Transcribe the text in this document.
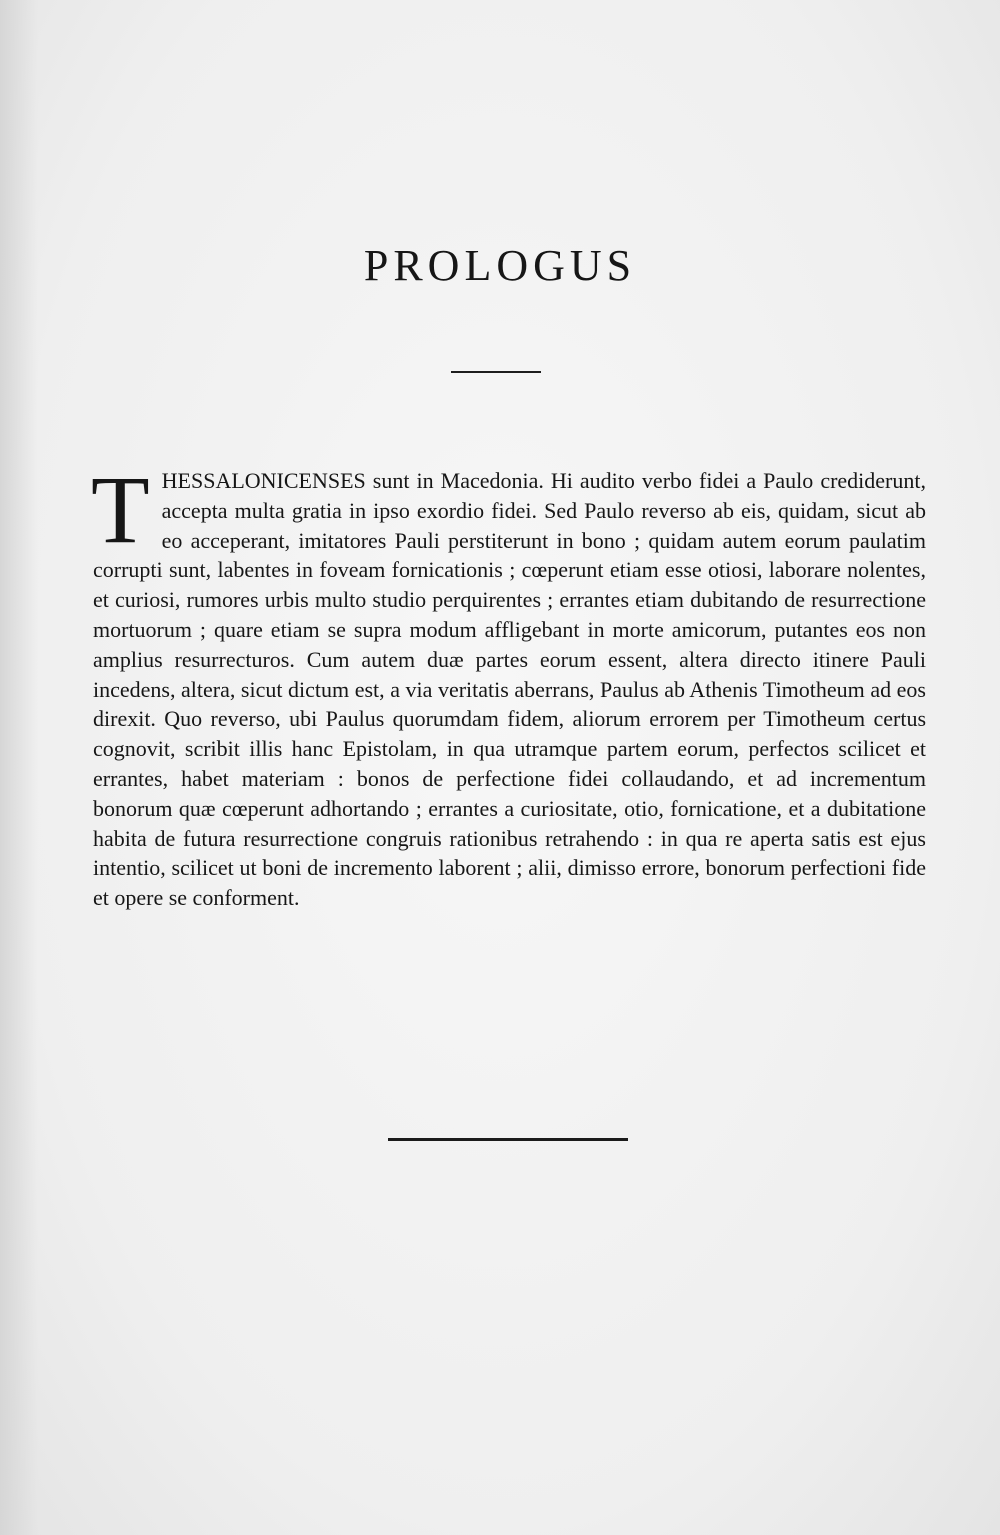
PROLOGUS

THESSALONICENSES sunt in Macedonia. Hi audito verbo fidei a Paulo crediderunt, accepta multa gratia in ipso exordio fidei. Sed Paulo reverso ab eis, quidam, sicut ab eo acceperant, imitatores Pauli perstiterunt in bono ; quidam autem eorum paulatim corrupti sunt, labentes in foveam fornicationis ; cœperunt etiam esse otiosi, laborare nolentes, et curiosi, rumores urbis multo studio perquirentes ; errantes etiam dubitando de resurrectione mortuorum ; quare etiam se supra modum affligebant in morte amicorum, putantes eos non amplius resurrecturos. Cum autem duæ partes eorum essent, altera directo itinere Pauli incedens, altera, sicut dictum est, a via veritatis aberrans, Paulus ab Athenis Timotheum ad eos direxit. Quo reverso, ubi Paulus quorumdam fidem, aliorum errorem per Timotheum certus cognovit, scribit illis hanc Epistolam, in qua utramque partem eorum, perfectos scilicet et errantes, habet materiam : bonos de perfectione fidei collaudando, et ad incrementum bonorum quæ cœperunt adhortando ; errantes a curiositate, otio, fornicatione, et a dubitatione habita de futura resurrectione congruis rationibus retrahendo : in qua re aperta satis est ejus intentio, scilicet ut boni de incremento laborent ; alii, dimisso errore, bonorum perfectioni fide et opere se conforment.
